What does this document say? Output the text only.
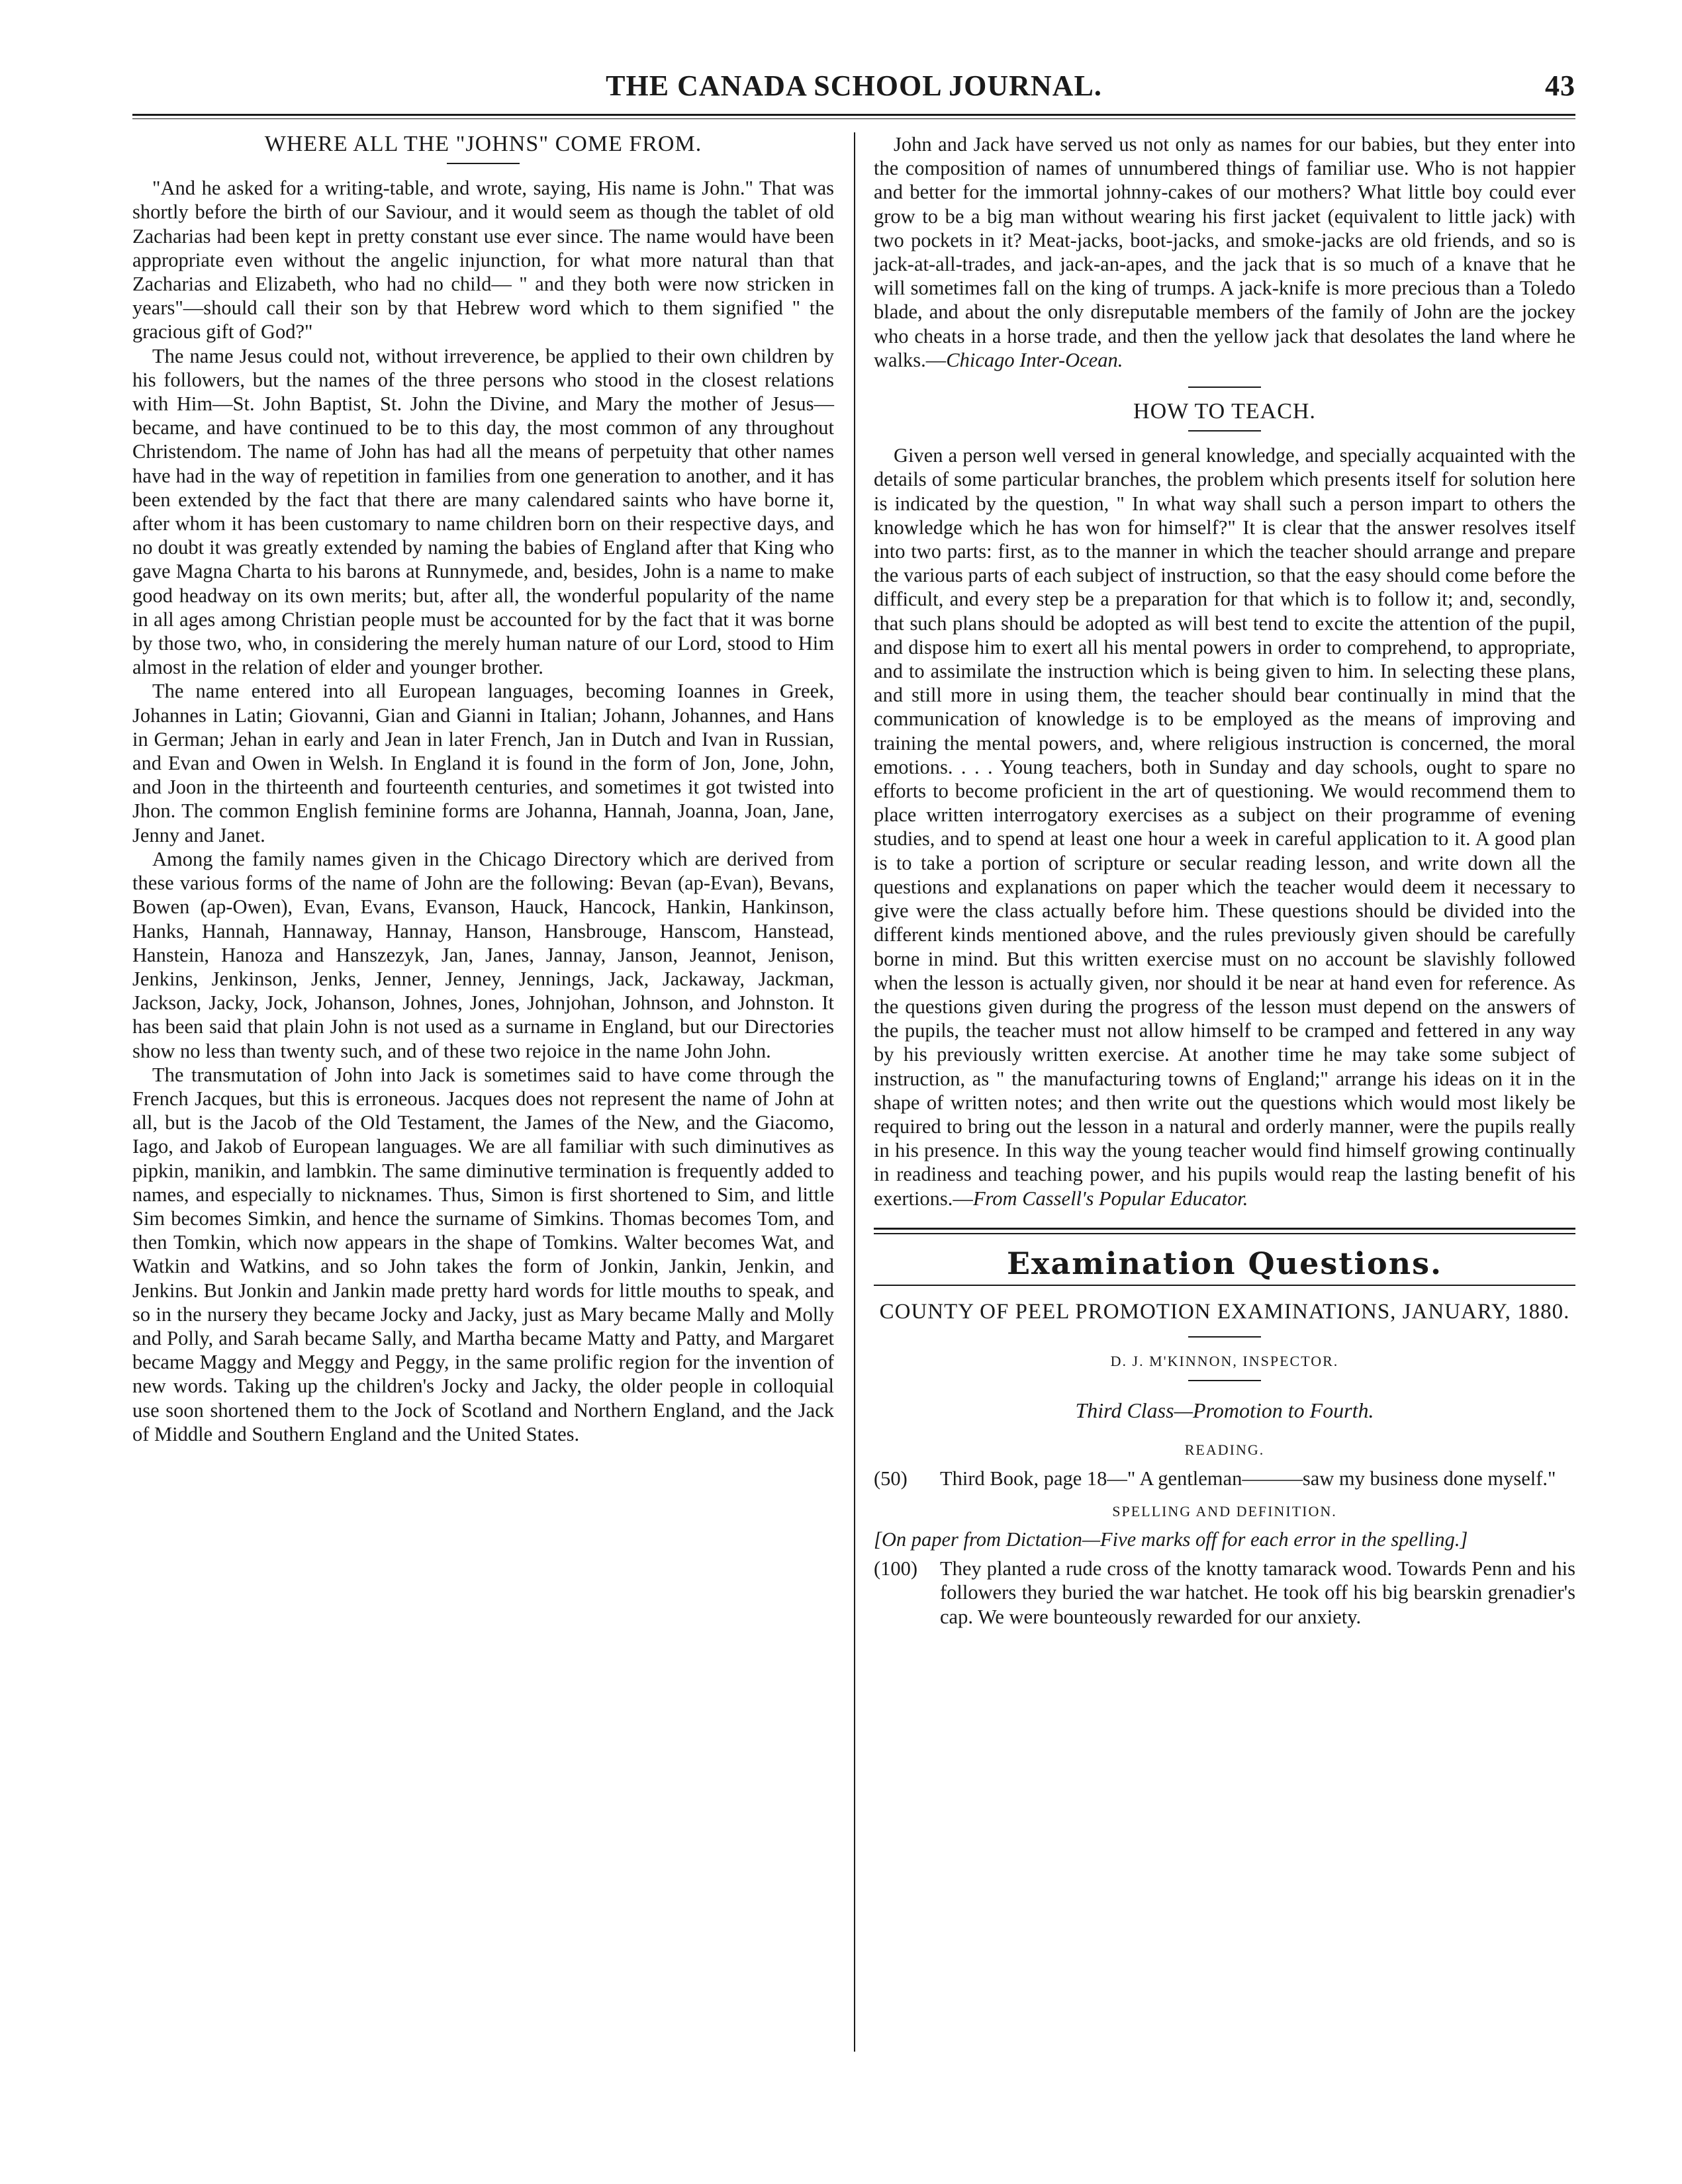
THE CANADA SCHOOL JOURNAL.	43
WHERE ALL THE "JOHNS" COME FROM.

"And he asked for a writing-table, and wrote, saying, His name is John." That was shortly before the birth of our Saviour, and it would seem as though the tablet of old Zacharias had been kept in pretty constant use ever since. The name would have been appropriate even without the angelic injunction, for what more natural than that Zacharias and Elizabeth, who had no child— " and they both were now stricken in years"—should call their son by that Hebrew word which to them signified " the gracious gift of God?"

The name Jesus could not, without irreverence, be applied to their own children by his followers, but the names of the three persons who stood in the closest relations with Him—St. John Baptist, St. John the Divine, and Mary the mother of Jesus—became, and have continued to be to this day, the most common of any throughout Christendom. The name of John has had all the means of perpetuity that other names have had in the way of repetition in families from one generation to another, and it has been extended by the fact that there are many calendared saints who have borne it, after whom it has been customary to name children born on their respective days, and no doubt it was greatly extended by naming the babies of England after that King who gave Magna Charta to his barons at Runnymede, and, besides, John is a name to make good headway on its own merits; but, after all, the wonderful popularity of the name in all ages among Christian people must be accounted for by the fact that it was borne by those two, who, in considering the merely human nature of our Lord, stood to Him almost in the relation of elder and younger brother.

The name entered into all European languages, becoming Ioannes in Greek, Johannes in Latin; Giovanni, Gian and Gianni in Italian; Johann, Johannes, and Hans in German; Jehan in early and Jean in later French, Jan in Dutch and Ivan in Russian, and Evan and Owen in Welsh. In England it is found in the form of Jon, Jone, John, and Joon in the thirteenth and fourteenth centuries, and sometimes it got twisted into Jhon. The common English feminine forms are Johanna, Hannah, Joanna, Joan, Jane, Jenny and Janet.

Among the family names given in the Chicago Directory which are derived from these various forms of the name of John are the following: Bevan (ap-Evan), Bevans, Bowen (ap-Owen), Evan, Evans, Evanson, Hauck, Hancock, Hankin, Hankinson, Hanks, Hannah, Hannaway, Hannay, Hanson, Hansbrouge, Hanscom, Hanstead, Hanstein, Hanoza and Hanszezyk, Jan, Janes, Jannay, Janson, Jeannot, Jenison, Jenkins, Jenkinson, Jenks, Jenner, Jenney, Jennings, Jack, Jackaway, Jackman, Jackson, Jacky, Jock, Johanson, Johnes, Jones, Johnjohan, Johnson, and Johnston. It has been said that plain John is not used as a surname in England, but our Directories show no less than twenty such, and of these two rejoice in the name John John.

The transmutation of John into Jack is sometimes said to have come through the French Jacques, but this is erroneous. Jacques does not represent the name of John at all, but is the Jacob of the Old Testament, the James of the New, and the Giacomo, Iago, and Jakob of European languages. We are all familiar with such diminutives as pipkin, manikin, and lambkin. The same diminutive termination is frequently added to names, and especially to nicknames. Thus, Simon is first shortened to Sim, and little Sim becomes Simkin, and hence the surname of Simkins. Thomas becomes Tom, and then Tomkin, which now appears in the shape of Tomkins. Walter becomes Wat, and Watkin and Watkins, and so John takes the form of Jonkin, Jankin, Jenkin, and Jenkins. But Jonkin and Jankin made pretty hard words for little mouths to speak, and so in the nursery they became Jocky and Jacky, just as Mary became Mally and Molly and Polly, and Sarah became Sally, and Martha became Matty and Patty, and Margaret became Maggy and Meggy and Peggy, in the same prolific region for the invention of new words. Taking up the children's Jocky and Jacky, the older people in colloquial use soon shortened them to the Jock of Scotland and Northern England, and the Jack of Middle and Southern England and the United States.

John and Jack have served us not only as names for our babies, but they enter into the composition of names of unnumbered things of familiar use. Who is not happier and better for the immortal johnny-cakes of our mothers? What little boy could ever grow to be a big man without wearing his first jacket (equivalent to little jack) with two pockets in it? Meat-jacks, boot-jacks, and smoke-jacks are old friends, and so is jack-at-all-trades, and jack-an-apes, and the jack that is so much of a knave that he will sometimes fall on the king of trumps. A jack-knife is more precious than a Toledo blade, and about the only disreputable members of the family of John are the jockey who cheats in a horse trade, and then the yellow jack that desolates the land where he walks.—Chicago Inter-Ocean.

HOW TO TEACH.

Given a person well versed in general knowledge, and specially acquainted with the details of some particular branches, the problem which presents itself for solution here is indicated by the question, " In what way shall such a person impart to others the knowledge which he has won for himself?" It is clear that the answer resolves itself into two parts: first, as to the manner in which the teacher should arrange and prepare the various parts of each subject of instruction, so that the easy should come before the difficult, and every step be a preparation for that which is to follow it; and, secondly, that such plans should be adopted as will best tend to excite the attention of the pupil, and dispose him to exert all his mental powers in order to comprehend, to appropriate, and to assimilate the instruction which is being given to him. In selecting these plans, and still more in using them, the teacher should bear continually in mind that the communication of knowledge is to be employed as the means of improving and training the mental powers, and, where religious instruction is concerned, the moral emotions. . . . Young teachers, both in Sunday and day schools, ought to spare no efforts to become proficient in the art of questioning. We would recommend them to place written interrogatory exercises as a subject on their programme of evening studies, and to spend at least one hour a week in careful application to it. A good plan is to take a portion of scripture or secular reading lesson, and write down all the questions and explanations on paper which the teacher would deem it necessary to give were the class actually before him. These questions should be divided into the different kinds mentioned above, and the rules previously given should be carefully borne in mind. But this written exercise must on no account be slavishly followed when the lesson is actually given, nor should it be near at hand even for reference. As the questions given during the progress of the lesson must depend on the answers of the pupils, the teacher must not allow himself to be cramped and fettered in any way by his previously written exercise. At another time he may take some subject of instruction, as " the manufacturing towns of England;" arrange his ideas on it in the shape of written notes; and then write out the questions which would most likely be required to bring out the lesson in a natural and orderly manner, were the pupils really in his presence. In this way the young teacher would find himself growing continually in readiness and teaching power, and his pupils would reap the lasting benefit of his exertions.—From Cassell's Popular Educator.

Examination Questions.
COUNTY OF PEEL PROMOTION EXAMINATIONS, JANUARY, 1880.
D. J. M'KINNON, INSPECTOR.
Third Class—Promotion to Fourth.
READING.
(50)	Third Book, page 18—" A gentleman———saw my business done myself."
SPELLING AND DEFINITION.

[On paper from Dictation—Five marks off for each error in the spelling.]

(100)	They planted a rude cross of the knotty tamarack wood. Towards Penn and his followers they buried the war hatchet. He took off his big bearskin grenadier's cap. We were bounteously rewarded for our anxiety.
